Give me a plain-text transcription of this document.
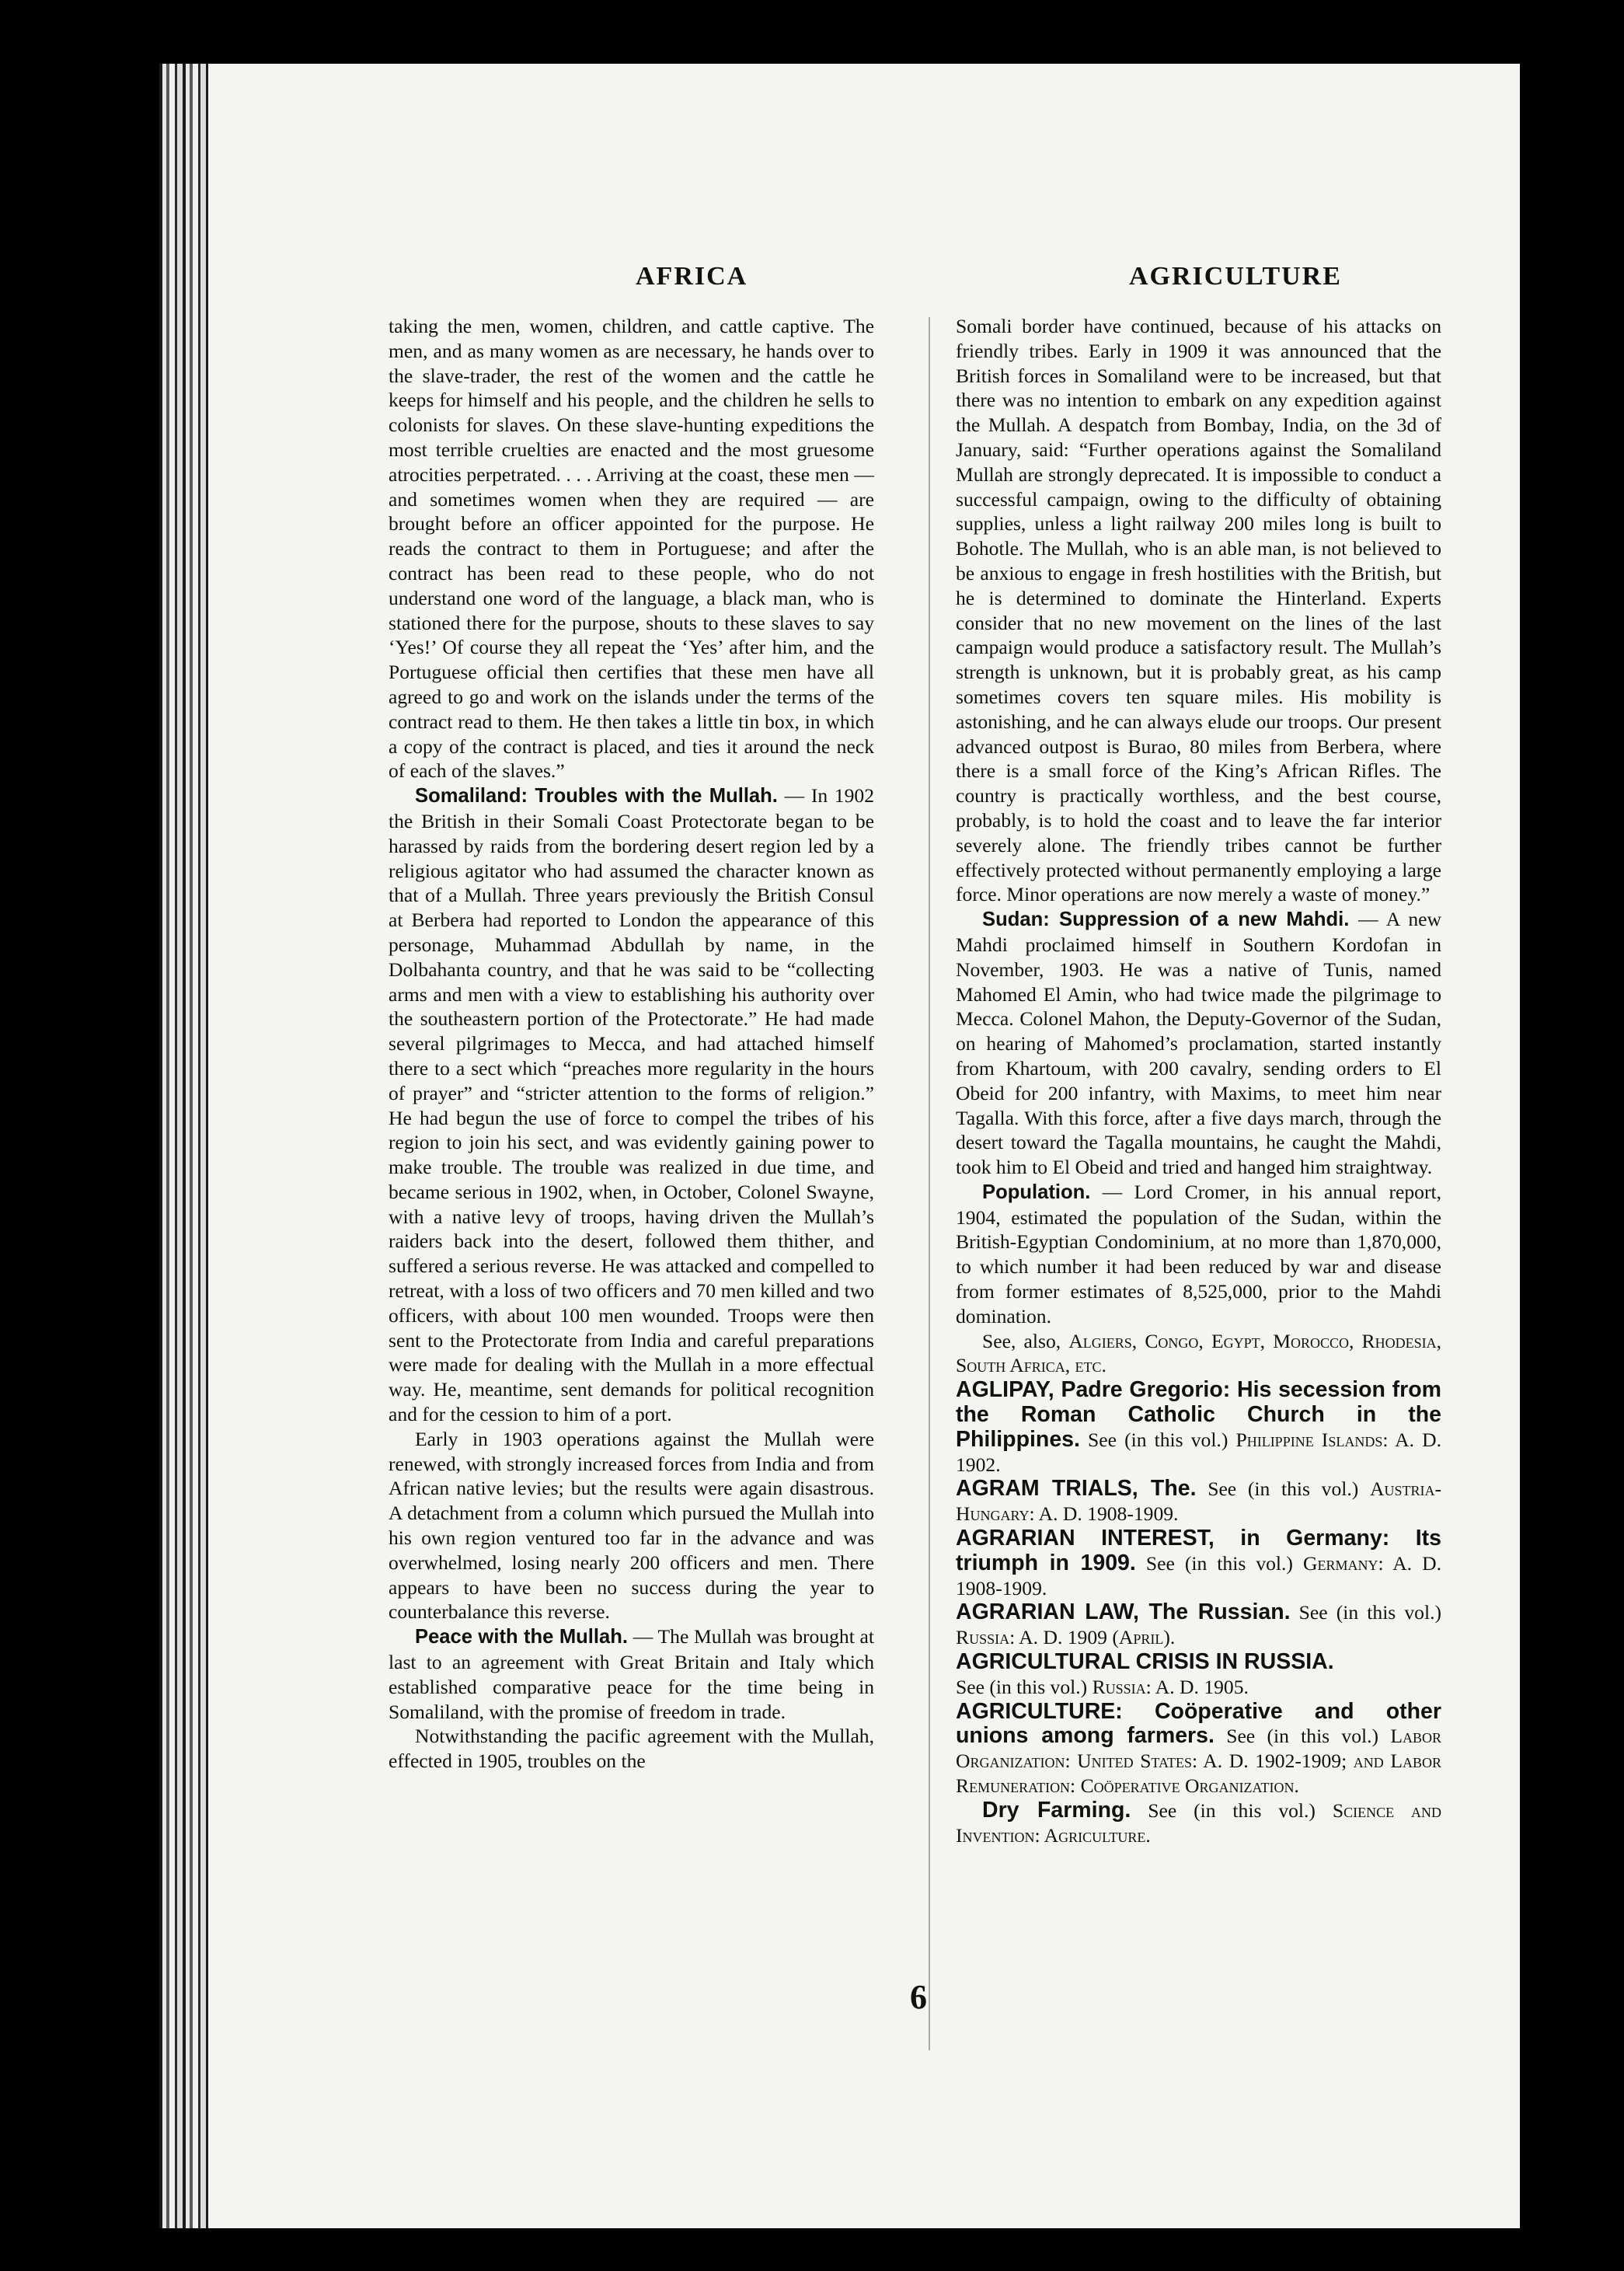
AFRICA	AGRICULTURE

taking the men, women, children, and cattle captive. The men, and as many women as are necessary, he hands over to the slave-trader, the rest of the women and the cattle he keeps for himself and his people, and the children he sells to colonists for slaves. On these slave-hunting expeditions the most terrible cruelties are enacted and the most gruesome atrocities perpetrated. . . . Arriving at the coast, these men — and sometimes women when they are required — are brought before an officer appointed for the purpose. He reads the contract to them in Portuguese; and after the contract has been read to these people, who do not understand one word of the language, a black man, who is stationed there for the purpose, shouts to these slaves to say ‘Yes!’ Of course they all repeat the ‘Yes’ after him, and the Portuguese official then certifies that these men have all agreed to go and work on the islands under the terms of the contract read to them. He then takes a little tin box, in which a copy of the contract is placed, and ties it around the neck of each of the slaves.”

Somaliland: Troubles with the Mullah. — In 1902 the British in their Somali Coast Protectorate began to be harassed by raids from the bordering desert region led by a religious agitator who had assumed the character known as that of a Mullah. Three years previously the British Consul at Berbera had reported to London the appearance of this personage, Muhammad Abdullah by name, in the Dolbahanta country, and that he was said to be “collecting arms and men with a view to establishing his authority over the southeastern portion of the Protectorate.” He had made several pilgrimages to Mecca, and had attached himself there to a sect which “preaches more regularity in the hours of prayer” and “stricter attention to the forms of religion.” He had begun the use of force to compel the tribes of his region to join his sect, and was evidently gaining power to make trouble. The trouble was realized in due time, and became serious in 1902, when, in October, Colonel Swayne, with a native levy of troops, having driven the Mullah’s raiders back into the desert, followed them thither, and suffered a serious reverse. He was attacked and compelled to retreat, with a loss of two officers and 70 men killed and two officers, with about 100 men wounded. Troops were then sent to the Protectorate from India and careful preparations were made for dealing with the Mullah in a more effectual way. He, meantime, sent demands for political recognition and for the cession to him of a port.

Early in 1903 operations against the Mullah were renewed, with strongly increased forces from India and from African native levies; but the results were again disastrous. A detachment from a column which pursued the Mullah into his own region ventured too far in the advance and was overwhelmed, losing nearly 200 officers and men. There appears to have been no success during the year to counterbalance this reverse.

Peace with the Mullah. — The Mullah was brought at last to an agreement with Great Britain and Italy which established comparative peace for the time being in Somaliland, with the promise of freedom in trade.

Notwithstanding the pacific agreement with the Mullah, effected in 1905, troubles on the

Somali border have continued, because of his attacks on friendly tribes. Early in 1909 it was announced that the British forces in Somaliland were to be increased, but that there was no intention to embark on any expedition against the Mullah. A despatch from Bombay, India, on the 3d of January, said: “Further operations against the Somaliland Mullah are strongly deprecated. It is impossible to conduct a successful campaign, owing to the difficulty of obtaining supplies, unless a light railway 200 miles long is built to Bohotle. The Mullah, who is an able man, is not believed to be anxious to engage in fresh hostilities with the British, but he is determined to dominate the Hinterland. Experts consider that no new movement on the lines of the last campaign would produce a satisfactory result. The Mullah’s strength is unknown, but it is probably great, as his camp sometimes covers ten square miles. His mobility is astonishing, and he can always elude our troops. Our present advanced outpost is Burao, 80 miles from Berbera, where there is a small force of the King’s African Rifles. The country is practically worthless, and the best course, probably, is to hold the coast and to leave the far interior severely alone. The friendly tribes cannot be further effectively protected without permanently employing a large force. Minor operations are now merely a waste of money.”

Sudan: Suppression of a new Mahdi. — A new Mahdi proclaimed himself in Southern Kordofan in November, 1903. He was a native of Tunis, named Mahomed El Amin, who had twice made the pilgrimage to Mecca. Colonel Mahon, the Deputy-Governor of the Sudan, on hearing of Mahomed’s proclamation, started instantly from Khartoum, with 200 cavalry, sending orders to El Obeid for 200 infantry, with Maxims, to meet him near Tagalla. With this force, after a five days march, through the desert toward the Tagalla mountains, he caught the Mahdi, took him to El Obeid and tried and hanged him straightway.

Population. — Lord Cromer, in his annual report, 1904, estimated the population of the Sudan, within the British-Egyptian Condominium, at no more than 1,870,000, to which number it had been reduced by war and disease from former estimates of 8,525,000, prior to the Mahdi domination.

See, also, Algiers, Congo, Egypt, Morocco, Rhodesia, South Africa, etc.

AGLIPAY, Padre Gregorio: His secession from the Roman Catholic Church in the Philippines. See (in this vol.) Philippine Islands: A. D. 1902.

AGRAM TRIALS, The. See (in this vol.) Austria-Hungary: A. D. 1908-1909.

AGRARIAN INTEREST, in Germany: Its triumph in 1909. See (in this vol.) Germany: A. D. 1908-1909.

AGRARIAN LAW, The Russian. See (in this vol.) Russia: A. D. 1909 (April).

AGRICULTURAL CRISIS IN RUSSIA.
See (in this vol.) Russia: A. D. 1905.

AGRICULTURE: Coöperative and other unions among farmers. See (in this vol.) Labor Organization: United States: A. D. 1902-1909; and Labor Remuneration: Coöperative Organization.

Dry Farming. See (in this vol.) Science and Invention: Agriculture.

6
